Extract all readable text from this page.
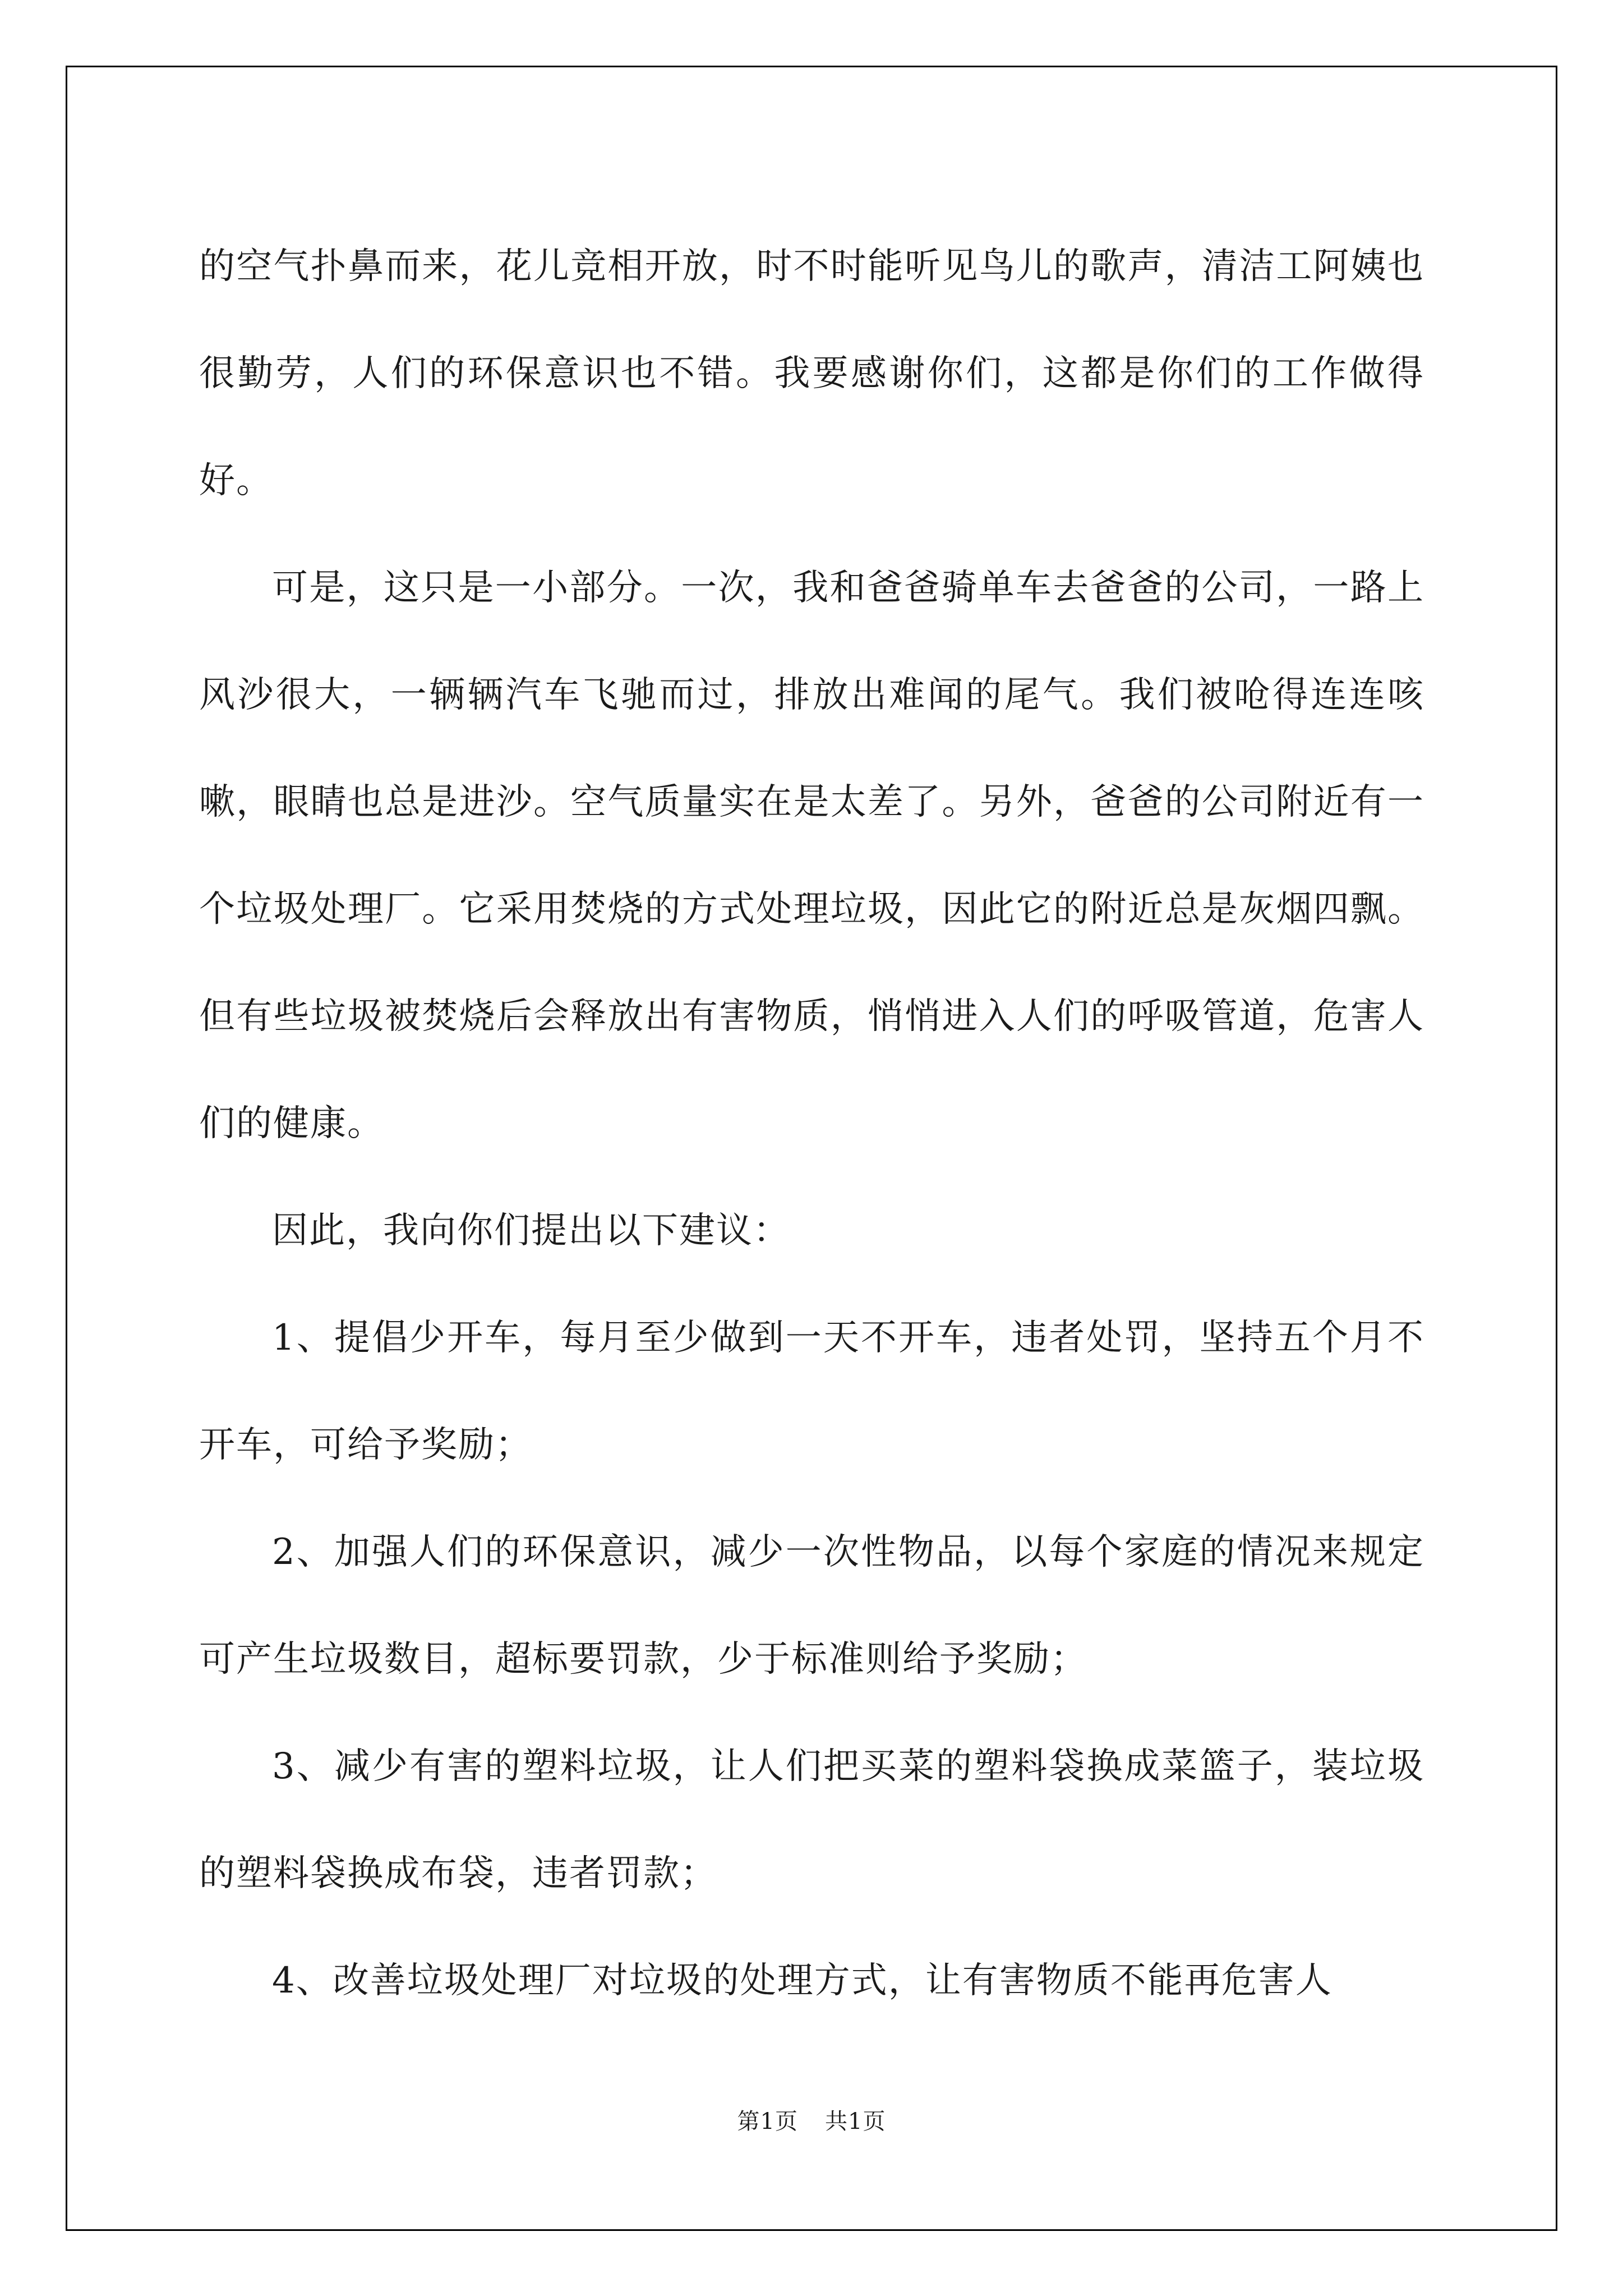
的空气扑鼻而来，花儿竞相开放，时不时能听见鸟儿的歌声，清洁工阿姨也很勤劳，人们的环保意识也不错。我要感谢你们，这都是你们的工作做得好。

可是，这只是一小部分。一次，我和爸爸骑单车去爸爸的公司，一路上风沙很大，一辆辆汽车飞驰而过，排放出难闻的尾气。我们被呛得连连咳嗽，眼睛也总是进沙。空气质量实在是太差了。另外，爸爸的公司附近有一个垃圾处理厂。它采用焚烧的方式处理垃圾，因此它的附近总是灰烟四飘。但有些垃圾被焚烧后会释放出有害物质，悄悄进入人们的呼吸管道，危害人们的健康。

因此，我向你们提出以下建议：

1、提倡少开车，每月至少做到一天不开车，违者处罚，坚持五个月不开车，可给予奖励；

2、加强人们的环保意识，减少一次性物品，以每个家庭的情况来规定可产生垃圾数目，超标要罚款，少于标准则给予奖励；

3、减少有害的塑料垃圾，让人们把买菜的塑料袋换成菜篮子，装垃圾的塑料袋换成布袋，违者罚款；

4、改善垃圾处理厂对垃圾的处理方式，让有害物质不能再危害人

第1页 共1页
